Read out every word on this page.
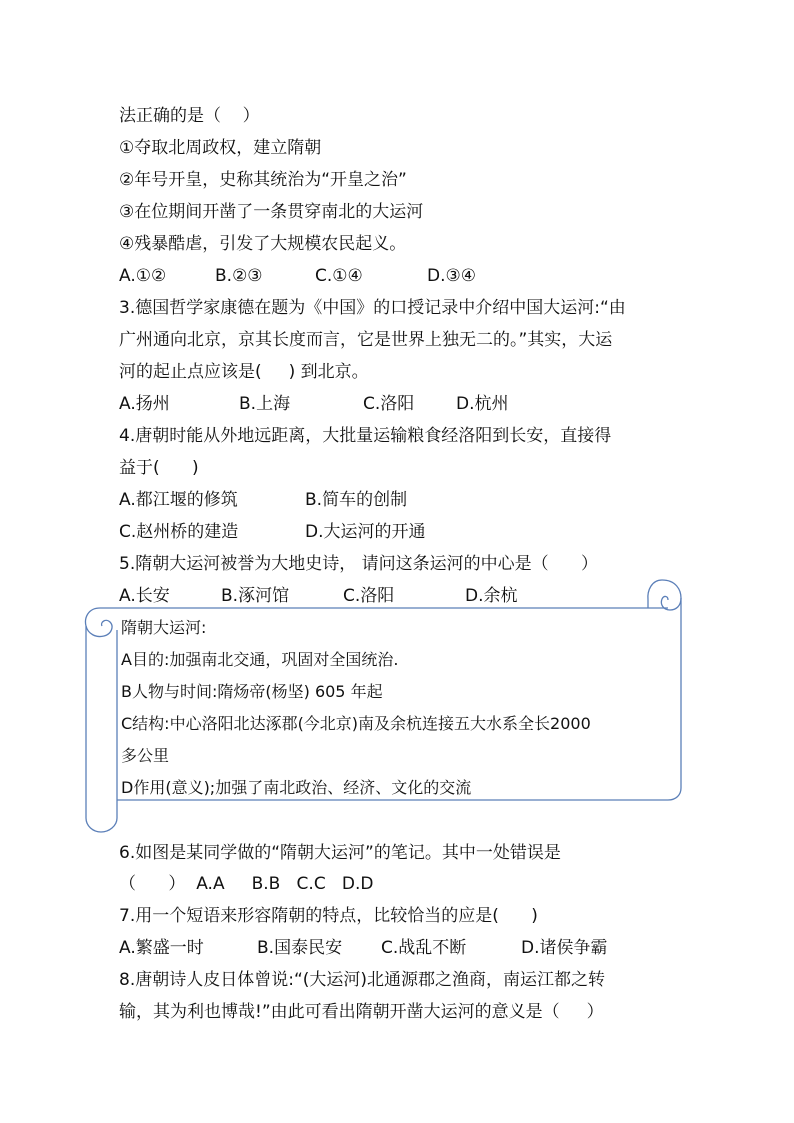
法正确的是（    ）
①夺取北周政权，建立隋朝
②年号开皇，史称其统治为“开皇之治”
③在位期间开凿了一条贯穿南北的大运河
④残暴酷虐，引发了大规模农民起义。

A.①②

	B.②③

	C.①④

	D.③④

3.德国哲学家康德在题为《中国》的口授记录中介绍中国大运河:“由
广州通向北京，京其长度而言，它是世界上独无二的。”其实，大运
河的起止点应该是(     ) 到北京。

A.扬州

	B.上海

	C.洛阳

D.杭州

4.唐朝时能从外地远距离，大批量运输粮食经洛阳到长安，直接得
益于(      )

A.都江堰的修筑

	B.简车的创制

C.赵州桥的建造

	D.大运河的开通

5.隋朝大运河被誉为大地史诗， 请问这条运河的中心是（      ）

A.长安

	B.涿河馆

	C.洛阳

	D.余杭

隋朝大运河:
A目的:加强南北交通，巩固对全国统治.
B人物与时间:隋炀帝(杨坚) 605 年起
C结构:中心洛阳北达涿郡(今北京)南及余杭连接五大水系全长2000
多公里
D作用(意义);加强了南北政治、经济、文化的交流
6.如图是某同学做的“隋朝大运河”的笔记。其中一处错误是
（      ）  A.A     B.B   C.C   D.D
7.用一个短语来形容隋朝的特点，比较恰当的应是(      )

A.繁盛一时

	B.国泰民安

C.战乱不断

	D.诸侯争霸

8.唐朝诗人皮日体曾说:“(大运河)北通源郡之渔商，南运江都之转
输，其为利也博哉!”由此可看出隋朝开凿大运河的意义是（     ）
